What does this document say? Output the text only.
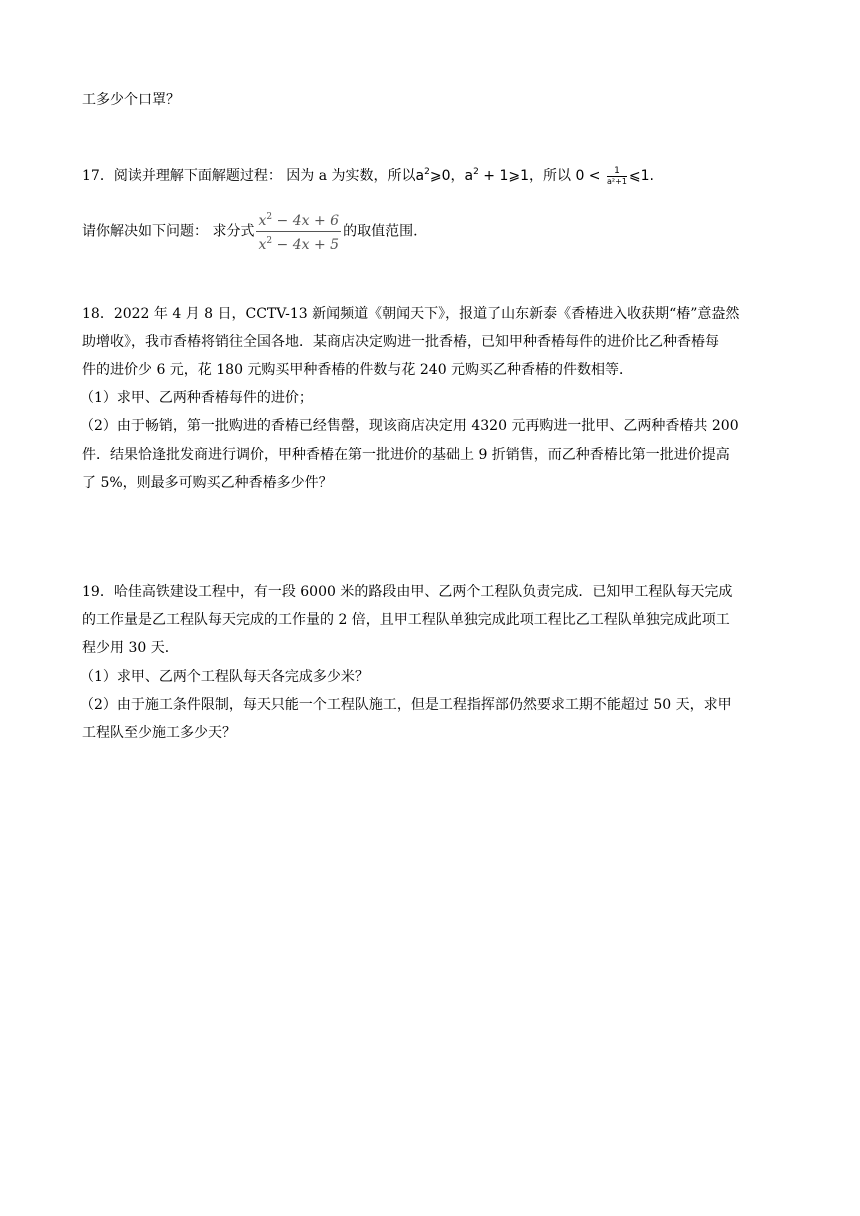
工多少个口罩？
17．阅读并理解下面解题过程： 因为 a 为实数，所以$a^2⩾0$，$a^2$ + 1⩾1，所以 $0 < \frac{1}{\text{a²+1}}$ ⩽1.
请你解决如下问题： 求分式 $\frac{x^2 - 4x + 6}{x^2 - 4x + 5}$ 的取值范围.
18．2022 年 4 月 8 日，CCTV-13 新闻频道《朝闻天下》，报道了山东新泰《香椿进入收获期“椿”意盎然
助增收》，我市香椿将销往全国各地．某商店决定购进一批香椿，已知甲种香椿每件的进价比乙种香椿每
件的进价少 6 元，花 180 元购买甲种香椿的件数与花 240 元购买乙种香椿的件数相等．
（1）求甲、乙两种香椿每件的进价；
（2）由于畅销，第一批购进的香椿已经售罄，现该商店决定用 4320 元再购进一批甲、乙两种香椿共 200
件．结果恰逢批发商进行调价，甲种香椿在第一批进价的基础上 9 折销售，而乙种香椿比第一批进价提高
了 5%，则最多可购买乙种香椿多少件？
19．哈佳高铁建设工程中，有一段 6000 米的路段由甲、乙两个工程队负责完成．已知甲工程队每天完成
的工作量是乙工程队每天完成的工作量的 2 倍，且甲工程队单独完成此项工程比乙工程队单独完成此项工
程少用 30 天．
（1）求甲、乙两个工程队每天各完成多少米？
（2）由于施工条件限制，每天只能一个工程队施工，但是工程指挥部仍然要求工期不能超过 50 天，求甲
工程队至少施工多少天？
